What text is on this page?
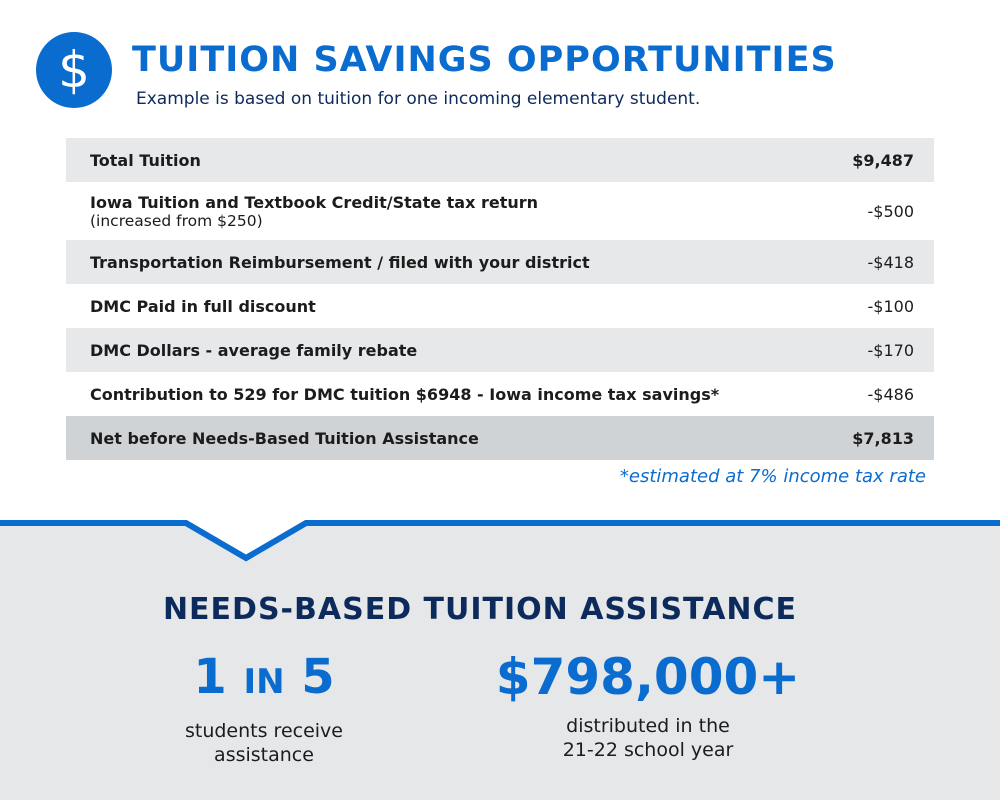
$	TUITION SAVINGS OPPORTUNITIES
Example is based on tuition for one incoming elementary student.
Total Tuition	$9,487
Iowa Tuition and Textbook Credit/State tax return
(increased from $250)	-$500
Transportation Reimbursement / filed with your district	-$418
DMC Paid in full discount	-$100
DMC Dollars - average family rebate	-$170
Contribution to 529 for DMC tuition $6948 - Iowa income tax savings*	-$486
Net before Needs-Based Tuition Assistance	$7,813
*estimated at 7% income tax rate
NEEDS-BASED TUITION ASSISTANCE
1 IN 5
students receive
assistance
$798,000+
distributed in the
21-22 school year
